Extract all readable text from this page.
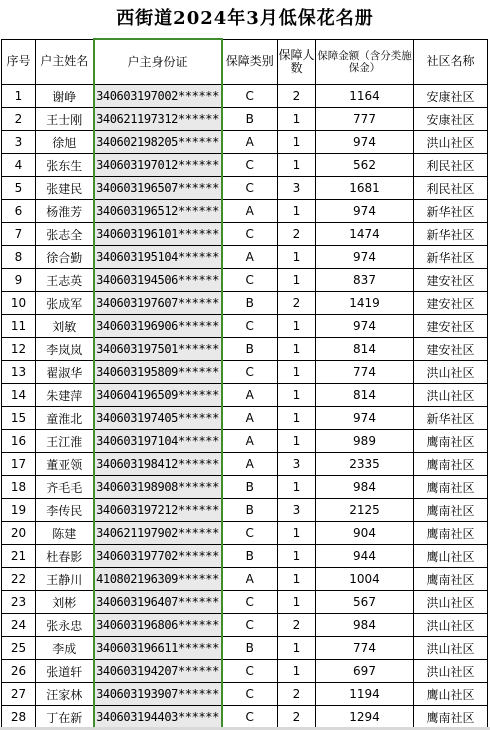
西街道2024年3月低保花名册
序号	户主姓名	户主身份证	保障类别	保障人数	保障金额（含分类施保金）	社区名称
1	谢峥	340603197002******	C	2	1164	安康社区
2	王士刚	340621197312******	B	1	777	安康社区
3	徐旭	340602198205******	A	1	974	洪山社区
4	张东生	340603197012******	C	1	562	利民社区
5	张建民	340603196507******	C	3	1681	利民社区
6	杨淮芳	340603196512******	A	1	974	新华社区
7	张志全	340603196101******	C	2	1474	新华社区
8	徐合勤	340603195104******	A	1	974	新华社区
9	王志英	340603194506******	C	1	837	建安社区
10	张成军	340603197607******	B	2	1419	建安社区
11	刘敏	340603196906******	C	1	974	建安社区
12	李岚岚	340603197501******	B	1	814	建安社区
13	翟淑华	340603195809******	C	1	774	洪山社区
14	朱建萍	340604196509******	A	1	814	洪山社区
15	童淮北	340603197405******	A	1	974	新华社区
16	王江淮	340603197104******	A	1	989	鹰南社区
17	董亚领	340603198412******	A	3	2335	鹰南社区
18	齐毛毛	340603198908******	B	1	984	鹰南社区
19	李传民	340603197212******	B	3	2125	鹰南社区
20	陈建	340621197902******	C	1	904	鹰南社区
21	杜春影	340603197702******	B	1	944	鹰山社区
22	王静川	410802196309******	A	1	1004	鹰南社区
23	刘彬	340603196407******	C	1	567	洪山社区
24	张永忠	340603196806******	C	2	984	洪山社区
25	李成	340603196611******	B	1	774	洪山社区
26	张道轩	340603194207******	C	1	697	洪山社区
27	汪家林	340603193907******	C	2	1194	鹰山社区
28	丁在新	340603194403******	C	2	1294	鹰南社区
